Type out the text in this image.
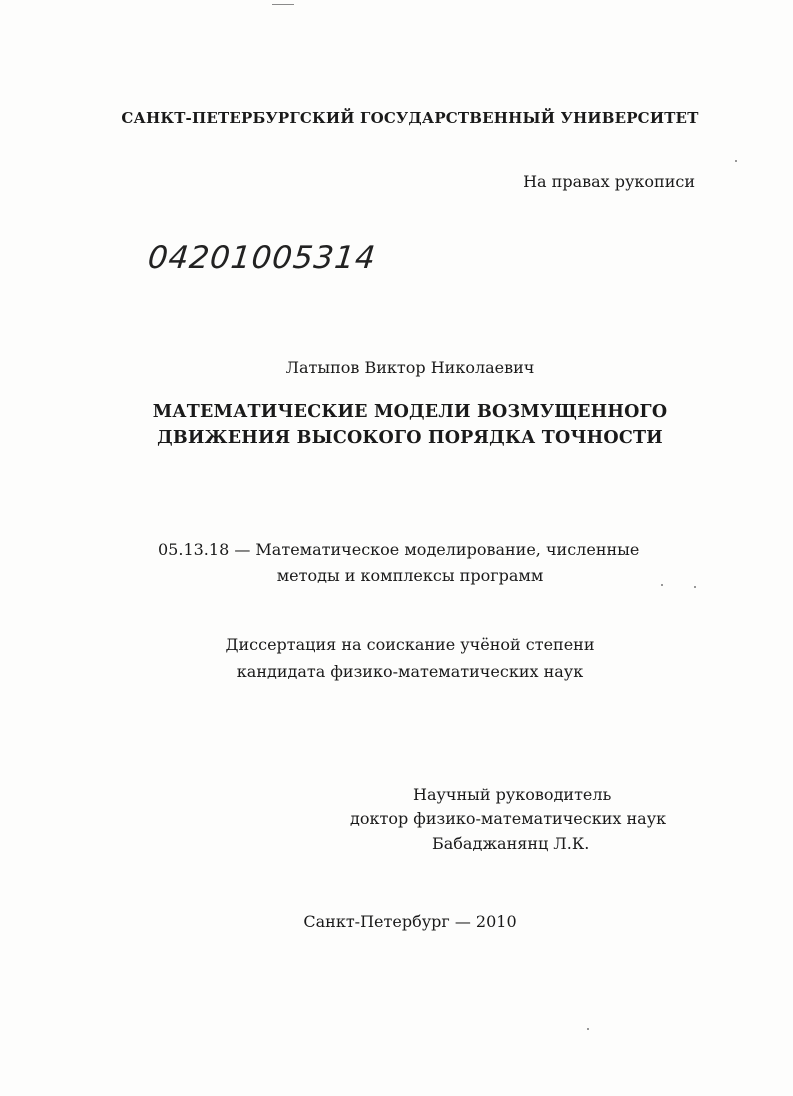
САНКТ-ПЕТЕРБУРГСКИЙ ГОСУДАРСТВЕННЫЙ УНИВЕРСИТЕТ
На правах рукописи
04201005314
Латыпов Виктор Николаевич
МАТЕМАТИЧЕСКИЕ МОДЕЛИ ВОЗМУЩЕННОГО
ДВИЖЕНИЯ ВЫСОКОГО ПОРЯДКА ТОЧНОСТИ
05.13.18 — Математическое моделирование, численные
методы и комплексы программ
Диссертация на соискание учёной степени
кандидата физико-математических наук
Научный руководитель
доктор физико-математических наук
Бабаджанянц Л.К.
Санкт-Петербург — 2010
